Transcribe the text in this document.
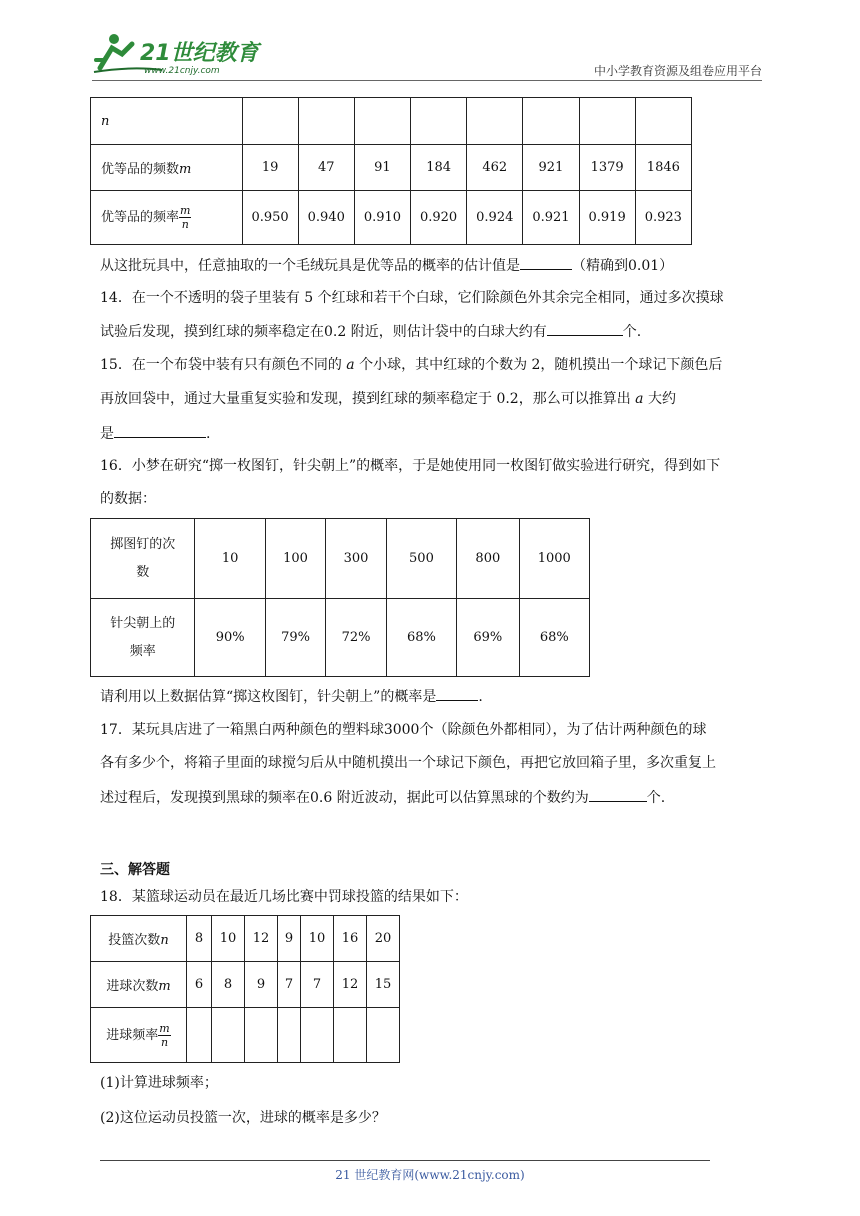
21世纪教育
www.21cnjy.com	中小学教育资源及组卷应用平台
n								
优等品的频数m	19	47	91	184	462	921	1379	1846
优等品的频率 $\frac{m}{n}$	0.950	0.940	0.910	0.920	0.924	0.921	0.919	0.923
从这批玩具中，任意抽取的一个毛绒玩具是优等品的概率的估计值是	（精确到0.01）
14．在一个不透明的袋子里装有 5 个红球和若干个白球，它们除颜色外其余完全相同，通过多次摸球
试验后发现，摸到红球的频率稳定在0.2 附近，则估计袋中的白球大约有	个.
15．在一个布袋中装有只有颜色不同的 a 个小球，其中红球的个数为 2，随机摸出一个球记下颜色后
再放回袋中，通过大量重复实验和发现，摸到红球的频率稳定于 0.2，那么可以推算出 a 大约
是	.
16．小梦在研究“掷一枚图钉，针尖朝上”的概率，于是她使用同一枚图钉做实验进行研究，得到如下
的数据：
掷图钉的次
数	10	100	300	500	800	1000
针尖朝上的
频率	90%	79%	72%	68%	69%	68%
请利用以上数据估算“掷这枚图钉，针尖朝上”的概率是	.
17．某玩具店进了一箱黑白两种颜色的塑料球3000个（除颜色外都相同），为了估计两种颜色的球
各有多少个，将箱子里面的球搅匀后从中随机摸出一个球记下颜色，再把它放回箱子里，多次重复上
述过程后，发现摸到黑球的频率在0.6 附近波动，据此可以估算黑球的个数约为	个.
三、解答题
18．某篮球运动员在最近几场比赛中罚球投篮的结果如下：
投篮次数n	8	10	12	9	10	16	20
进球次数m	6	8	9	7	7	12	15
进球频率 $\frac{m}{n}$

(1)计算进球频率；
(2)这位运动员投篮一次，进球的概率是多少？
21 世纪教育网(www.21cnjy.com)
